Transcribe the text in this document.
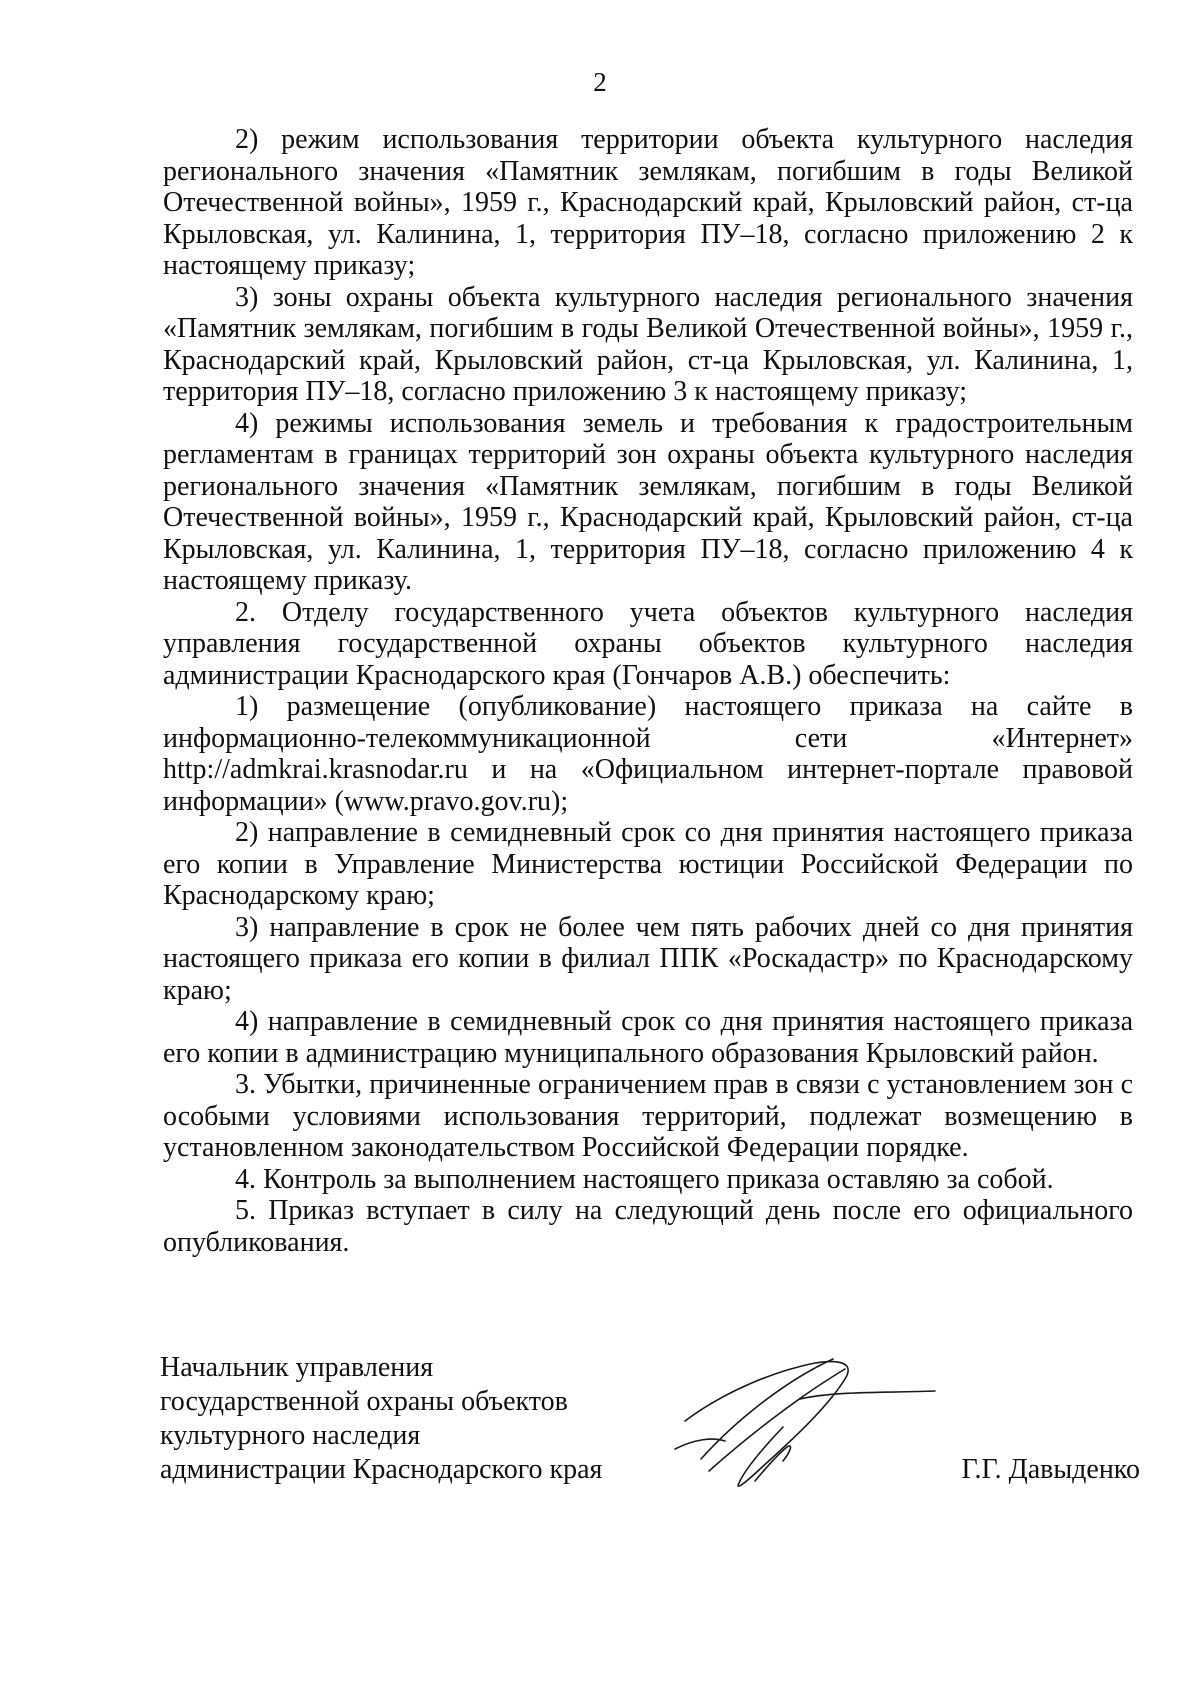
2

2) режим использования территории объекта культурного наследия регионального значения «Памятник землякам, погибшим в годы Великой Отечественной войны», 1959 г., Краснодарский край, Крыловский район, ст-ца Крыловская, ул. Калинина, 1, территория ПУ–18, согласно приложению 2 к настоящему приказу;

3) зоны охраны объекта культурного наследия регионального значения «Памятник землякам, погибшим в годы Великой Отечественной войны», 1959 г., Краснодарский край, Крыловский район, ст-ца Крыловская, ул. Калинина, 1, территория ПУ–18, согласно приложению 3 к настоящему приказу;

4) режимы использования земель и требования к градостроительным регламентам в границах территорий зон охраны объекта культурного наследия регионального значения «Памятник землякам, погибшим в годы Великой Отечественной войны», 1959 г., Краснодарский край, Крыловский район, ст-ца Крыловская, ул. Калинина, 1, территория ПУ–18, согласно приложению 4 к настоящему приказу.

2. Отделу государственного учета объектов культурного наследия управления государственной охраны объектов культурного наследия администрации Краснодарского края (Гончаров А.В.) обеспечить:

1) размещение (опубликование) настоящего приказа на сайте в информационно-телекоммуникационной сети «Интернет» http://admkrai.krasnodar.ru и на «Официальном интернет-портале правовой информации» (www.pravo.gov.ru);

2) направление в семидневный срок со дня принятия настоящего приказа его копии в Управление Министерства юстиции Российской Федерации по Краснодарскому краю;

3) направление в срок не более чем пять рабочих дней со дня принятия настоящего приказа его копии в филиал ППК «Роскадастр» по Краснодарскому краю;

4) направление в семидневный срок со дня принятия настоящего приказа его копии в администрацию муниципального образования Крыловский район.

3. Убытки, причиненные ограничением прав в связи с установлением зон с особыми условиями использования территорий, подлежат возмещению в установленном законодательством Российской Федерации порядке.

4. Контроль за выполнением настоящего приказа оставляю за собой.

5. Приказ вступает в силу на следующий день после его официального опубликования.

Начальник управления
государственной охраны объектов
культурного наследия
администрации Краснодарского края	Г.Г. Давыденко
